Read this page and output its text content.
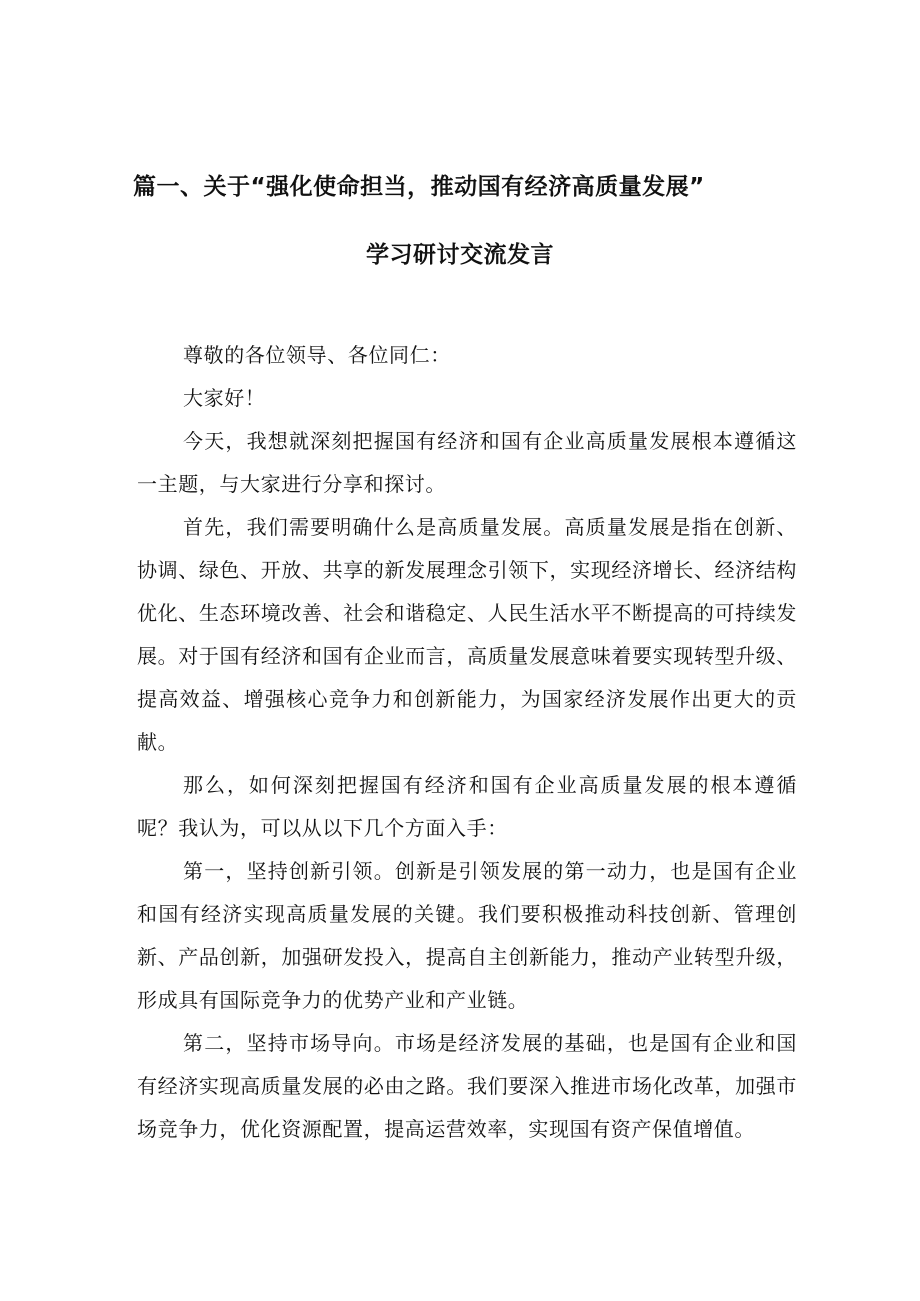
篇一、关于“强化使命担当，推动国有经济高质量发展”
学习研讨交流发言

尊敬的各位领导、各位同仁：

大家好！

今天，我想就深刻把握国有经济和国有企业高质量发展根本遵循这一主题，与大家进行分享和探讨。

首先，我们需要明确什么是高质量发展。高质量发展是指在创新、协调、绿色、开放、共享的新发展理念引领下，实现经济增长、经济结构优化、生态环境改善、社会和谐稳定、人民生活水平不断提高的可持续发展。对于国有经济和国有企业而言，高质量发展意味着要实现转型升级、提高效益、增强核心竞争力和创新能力，为国家经济发展作出更大的贡献。

那么，如何深刻把握国有经济和国有企业高质量发展的根本遵循呢？我认为，可以从以下几个方面入手：

第一，坚持创新引领。创新是引领发展的第一动力，也是国有企业和国有经济实现高质量发展的关键。我们要积极推动科技创新、管理创新、产品创新，加强研发投入，提高自主创新能力，推动产业转型升级，形成具有国际竞争力的优势产业和产业链。

第二，坚持市场导向。市场是经济发展的基础，也是国有企业和国有经济实现高质量发展的必由之路。我们要深入推进市场化改革，加强市场竞争力，优化资源配置，提高运营效率，实现国有资产保值增值。
